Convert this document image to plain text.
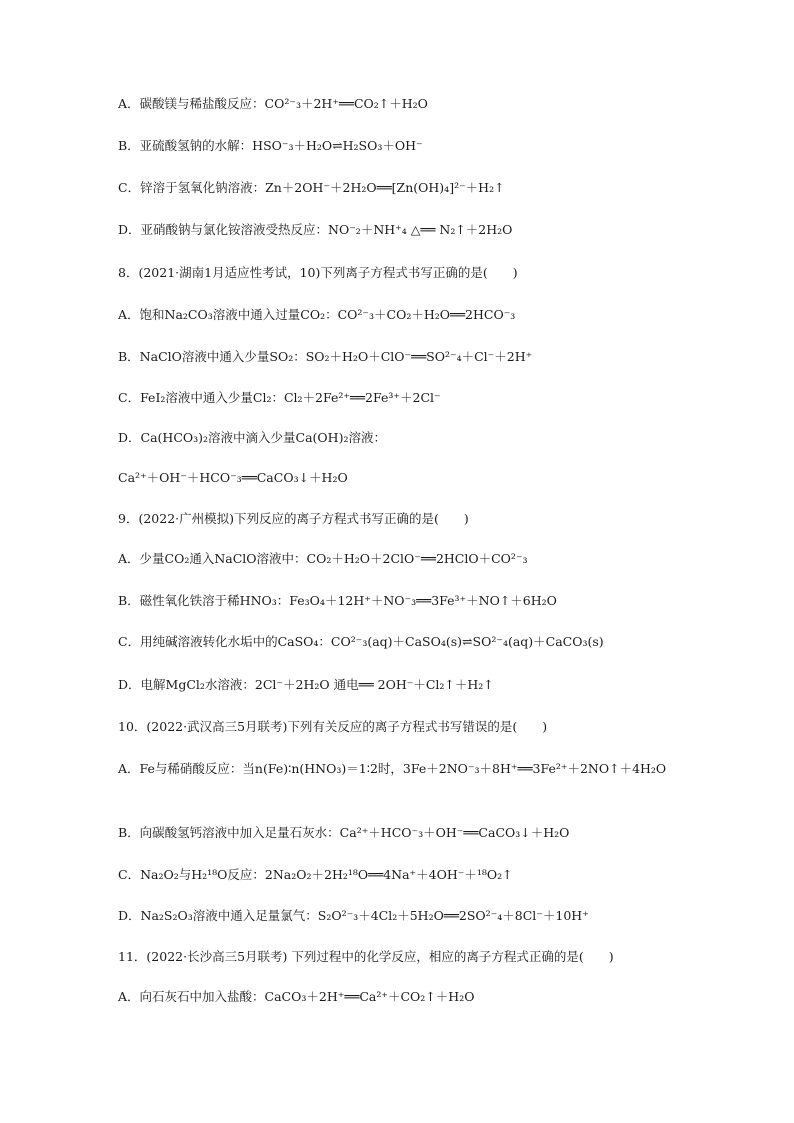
A．碳酸镁与稀盐酸反应：CO²⁻₃＋2H⁺══CO₂↑＋H₂O
B．亚硫酸氢钠的水解：HSO⁻₃＋H₂O⇌H₂SO₃＋OH⁻
C．锌溶于氢氧化钠溶液：Zn＋2OH⁻＋2H₂O══[Zn(OH)₄]²⁻＋H₂↑
D．亚硝酸钠与氯化铵溶液受热反应：NO⁻₂＋NH⁺₄ △══ N₂↑＋2H₂O
8．(2021·湖南1月适应性考试，10)下列离子方程式书写正确的是(　　)
A．饱和Na₂CO₃溶液中通入过量CO₂：CO²⁻₃＋CO₂＋H₂O══2HCO⁻₃
B．NaClO溶液中通入少量SO₂：SO₂＋H₂O＋ClO⁻══SO²⁻₄＋Cl⁻＋2H⁺
C．FeI₂溶液中通入少量Cl₂：Cl₂＋2Fe²⁺══2Fe³⁺＋2Cl⁻
D．Ca(HCO₃)₂溶液中滴入少量Ca(OH)₂溶液：
Ca²⁺＋OH⁻＋HCO⁻₃══CaCO₃↓＋H₂O
9．(2022·广州模拟)下列反应的离子方程式书写正确的是(　　)
A．少量CO₂通入NaClO溶液中：CO₂＋H₂O＋2ClO⁻══2HClO＋CO²⁻₃
B．磁性氧化铁溶于稀HNO₃：Fe₃O₄＋12H⁺＋NO⁻₃══3Fe³⁺＋NO↑＋6H₂O
C．用纯碱溶液转化水垢中的CaSO₄：CO²⁻₃(aq)＋CaSO₄(s)⇌SO²⁻₄(aq)＋CaCO₃(s)
D．电解MgCl₂水溶液：2Cl⁻＋2H₂O 通电══ 2OH⁻＋Cl₂↑＋H₂↑
10．(2022·武汉高三5月联考)下列有关反应的离子方程式书写错误的是(　　)
A．Fe与稀硝酸反应：当n(Fe)∶n(HNO₃)＝1∶2时，3Fe＋2NO⁻₃＋8H⁺══3Fe²⁺＋2NO↑＋4H₂O
B．向碳酸氢钙溶液中加入足量石灰水：Ca²⁺＋HCO⁻₃＋OH⁻══CaCO₃↓＋H₂O
C．Na₂O₂与H₂¹⁸O反应：2Na₂O₂＋2H₂¹⁸O══4Na⁺＋4OH⁻＋¹⁸O₂↑
D．Na₂S₂O₃溶液中通入足量氯气：S₂O²⁻₃＋4Cl₂＋5H₂O══2SO²⁻₄＋8Cl⁻＋10H⁺
11．(2022·长沙高三5月联考) 下列过程中的化学反应，相应的离子方程式正确的是(　　)
A．向石灰石中加入盐酸：CaCO₃＋2H⁺══Ca²⁺＋CO₂↑＋H₂O
